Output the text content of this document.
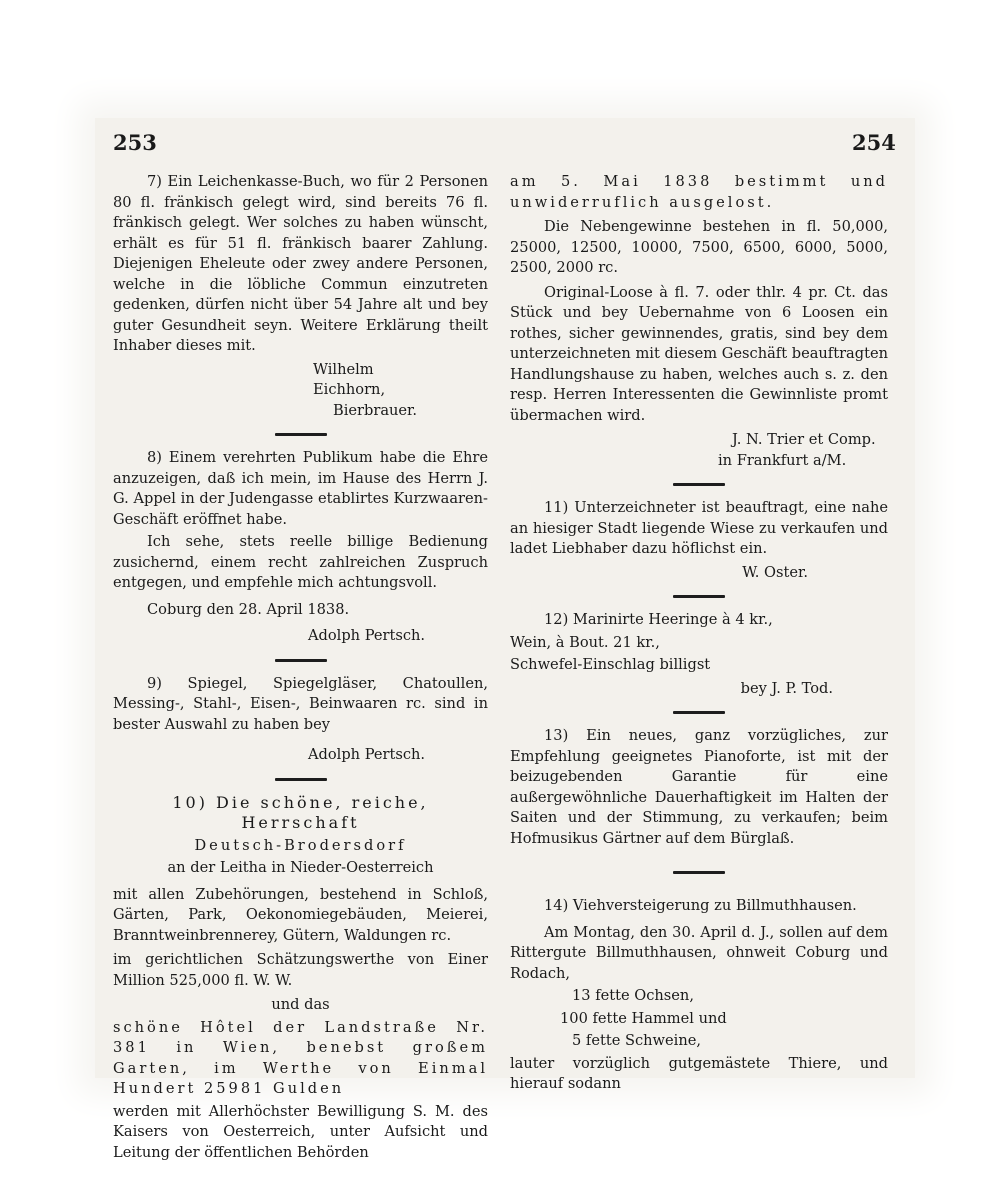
253	254

7) Ein Leichenkasse-Buch, wo für 2 Personen 80 fl. fränkisch gelegt wird, sind bereits 76 fl. fränkisch gelegt. Wer solches zu haben wünscht, erhält es für 51 fl. fränkisch baarer Zahlung. Diejenigen Eheleute oder zwey andere Personen, welche in die löbliche Commun einzutreten gedenken, dürfen nicht über 54 Jahre alt und bey guter Gesundheit seyn. Weitere Erklärung theilt Inhaber dieses mit.

Wilhelm Eichhorn,
Bierbrauer.

8) Einem verehrten Publikum habe die Ehre anzuzeigen, daß ich mein, im Hause des Herrn J. G. Appel in der Judengasse etablirtes Kurzwaaren-Geschäft eröffnet habe.

Ich sehe, stets reelle billige Bedienung zusichernd, einem recht zahlreichen Zuspruch entgegen, und empfehle mich achtungsvoll.

Coburg den 28. April 1838.

Adolph Pertsch.

9) Spiegel, Spiegelgläser, Chatoullen, Messing-, Stahl-, Eisen-, Beinwaaren rc. sind in bester Auswahl zu haben bey

Adolph Pertsch.

10) Die schöne, reiche, Herrschaft

Deutsch-Brodersdorf

an der Leitha in Nieder-Oesterreich

mit allen Zubehörungen, bestehend in Schloß, Gärten, Park, Oekonomiegebäuden, Meierei, Branntweinbrennerey, Gütern, Waldungen rc.

im gerichtlichen Schätzungswerthe von Einer Million 525,000 fl. W. W.

und das

schöne Hôtel der Landstraße Nr. 381 in Wien, benebst großem Garten, im Werthe von Einmal Hundert 25981 Gulden

werden mit Allerhöchster Bewilligung S. M. des Kaisers von Oesterreich, unter Aufsicht und Leitung der öffentlichen Behörden

am 5. Mai 1838 bestimmt und unwiderruflich ausgelost.

Die Nebengewinne bestehen in fl. 50,000, 25000, 12500, 10000, 7500, 6500, 6000, 5000, 2500, 2000 rc.

Original-Loose à fl. 7. oder thlr. 4 pr. Ct. das Stück und bey Uebernahme von 6 Loosen ein rothes, sicher gewinnendes, gratis, sind bey dem unterzeichneten mit diesem Geschäft beauftragten Handlungshause zu haben, welches auch s. z. den resp. Herren Interessenten die Gewinnliste promt übermachen wird.

J. N. Trier et Comp.
in Frankfurt a/M.

11) Unterzeichneter ist beauftragt, eine nahe an hiesiger Stadt liegende Wiese zu verkaufen und ladet Liebhaber dazu höflichst ein.

W. Oster.

12) Marinirte Heeringe à 4 kr.,

Wein, à Bout. 21 kr.,

Schwefel-Einschlag billigst

bey J. P. Tod.

13) Ein neues, ganz vorzügliches, zur Empfehlung geeignetes Pianoforte, ist mit der beizugebenden Garantie für eine außergewöhnliche Dauerhaftigkeit im Halten der Saiten und der Stimmung, zu verkaufen; beim Hofmusikus Gärtner auf dem Bürglaß.

14) Viehversteigerung zu Billmuthhausen.

Am Montag, den 30. April d. J., sollen auf dem Rittergute Billmuthhausen, ohnweit Coburg und Rodach,

13 fette Ochsen,

100 fette Hammel und

5 fette Schweine,

lauter vorzüglich gutgemästete Thiere, und hierauf sodann
